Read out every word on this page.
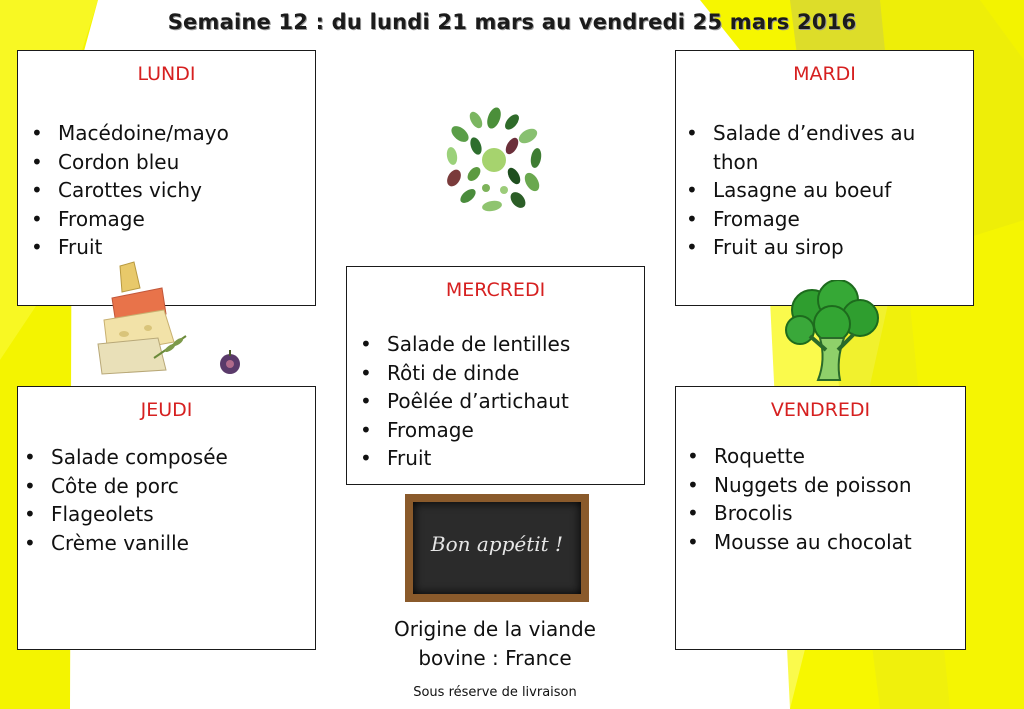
Semaine 12 : du lundi 21 mars au vendredi 25 mars 2016
LUNDI
• Macédoine/mayo
• Cordon bleu
• Carottes vichy
• Fromage
• Fruit
MARDI
• Salade d’endives au thon
• Lasagne au boeuf
• Fromage
• Fruit au sirop
MERCREDI
• Salade de lentilles
• Rôti de dinde
• Poêlée d’artichaut
• Fromage
• Fruit
JEUDI
• Salade composée
• Côte de porc
• Flageolets
• Crème vanille
VENDREDI
• Roquette
• Nuggets de poisson
• Brocolis
• Mousse au chocolat
Bon appétit !
Origine de la viande
bovine : France
Sous réserve de livraison
